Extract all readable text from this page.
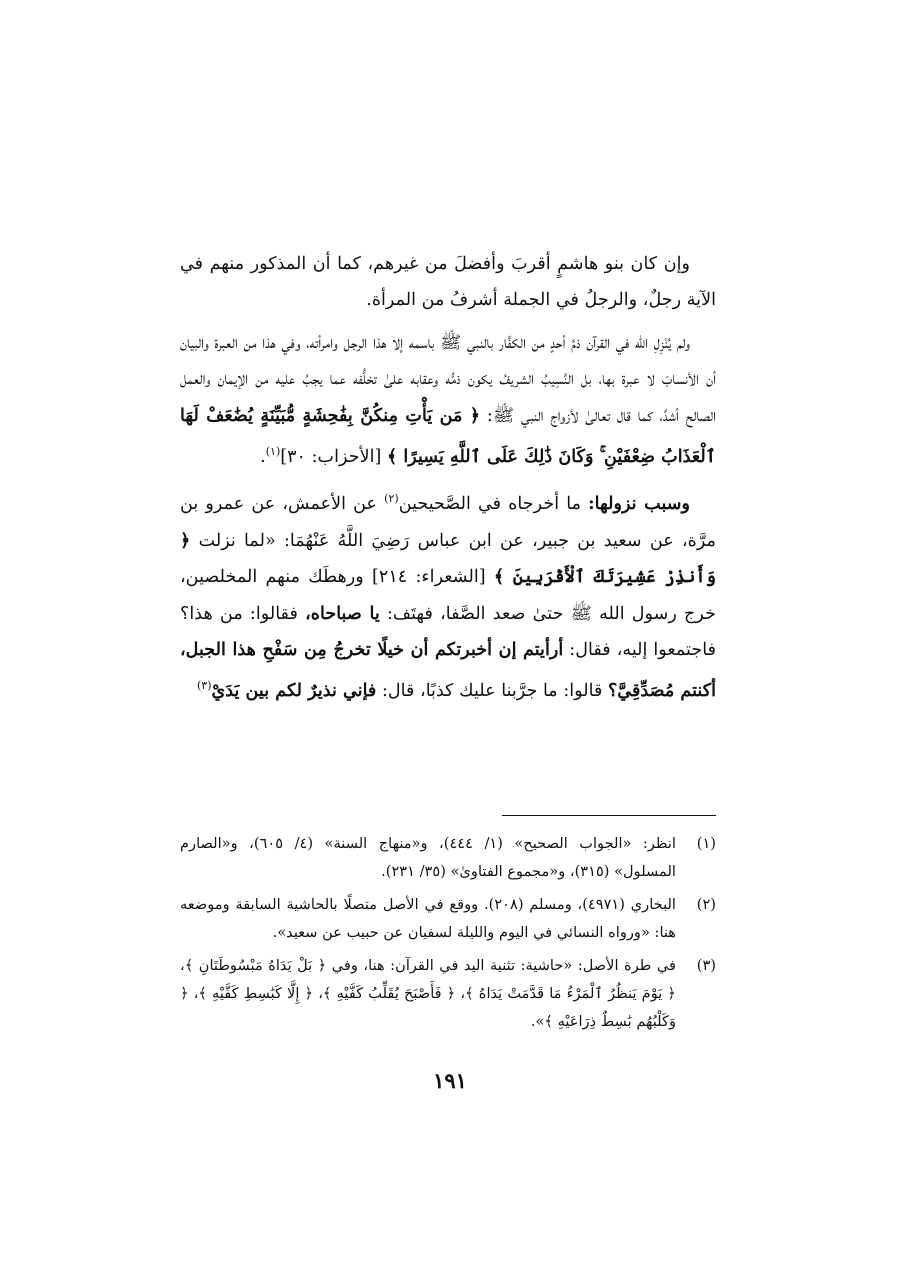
وإن كان بنو هاشمٍ أقربَ وأفضلَ من غيرهم، كما أن المذكور منهم في الآية رجلٌ، والرجلُ في الجملة أشرفُ من المرأة.

ولم يُنْزِلِ الله في القرآن ذمَّ أحدٍ من الكفَّار بالنبي ﷺ باسمه إلا هذا الرجل وامرأته، وفي هذا من العبرة والبيان أن الأنسابَ لا عبرة بها، بل النَّسِيبُ الشريفُ يكون ذمُّه وعقابه علىٰ تخلُّفه عما يجبُ عليه من الإيمان والعمل الصالح أشدَّ، كما قال تعالىٰ لأزواج النبي ﷺ: ﴿ مَن يَأْتِ مِنكُنَّ بِفَٰحِشَةٍ مُّبَيِّنَةٍ يُضَٰعَفْ لَهَا ٱلْعَذَابُ ضِعْفَيْنِ ۚ وَكَانَ ذَٰلِكَ عَلَى ٱللَّهِ يَسِيرًا ﴾ [الأحزاب: ٣٠]$^{(١)}$.

وسبب نزولها: ما أخرجاه في الصَّحيحين$^{(٢)}$ عن الأعمش، عن عمرو بن مرَّة، عن سعيد بن جبير، عن ابن عباس رَضِيَ اللَّهُ عَنْهُمَا: «لما نزلت ﴿ وَأَنذِرْ عَشِيرَتَكَ ٱلْأَقْرَبِينَ ﴾ [الشعراء: ٢١٤] ورهطَك منهم المخلصين، خرج رسول الله ﷺ حتىٰ صعد الصَّفا، فهتَف: يا صباحاه، فقالوا: من هذا؟ فاجتمعوا إليه، فقال: أرأيتم إن أخبرتكم أن خيلًا تخرجُ مِن سَفْحِ هذا الجبل، أكنتم مُصَدِّقِيَّ؟ قالوا: ما جرَّبنا عليك كذبًا، قال: فإني نذيرٌ لكم بين يَدَيْ$^{(٣)}$

(١)
انظر: «الجواب الصحيح» (١/ ٤٤٤)، و«منهاج السنة» (٤/ ٦٠٥)، و«الصارم المسلول» (٣١٥)، و«مجموع الفتاوىٰ» (٣٥/ ٢٣١).
(٢)
البخاري (٤٩٧١)، ومسلم (٢٠٨). ووقع في الأصل متصلًا بالحاشية السابقة وموضعه هنا: «ورواه النسائي في اليوم والليلة لسفيان عن حبيب عن سعيد».
(٣)
في طرة الأصل: «حاشية: تثنية اليد في القرآن: هنا، وفي ﴿ بَلْ يَدَاهُ مَبْسُوطَتَانِ ﴾، ﴿ يَوْمَ يَنظُرُ ٱلْمَرْءُ مَا قَدَّمَتْ يَدَاهُ ﴾، ﴿ فَأَصْبَحَ يُقَلِّبُ كَفَّيْهِ ﴾، ﴿ إِلَّا كَبَٰسِطِ كَفَّيْهِ ﴾، ﴿ وَكَلْبُهُم بَٰسِطٌ ذِرَاعَيْهِ ﴾».
١٩١
